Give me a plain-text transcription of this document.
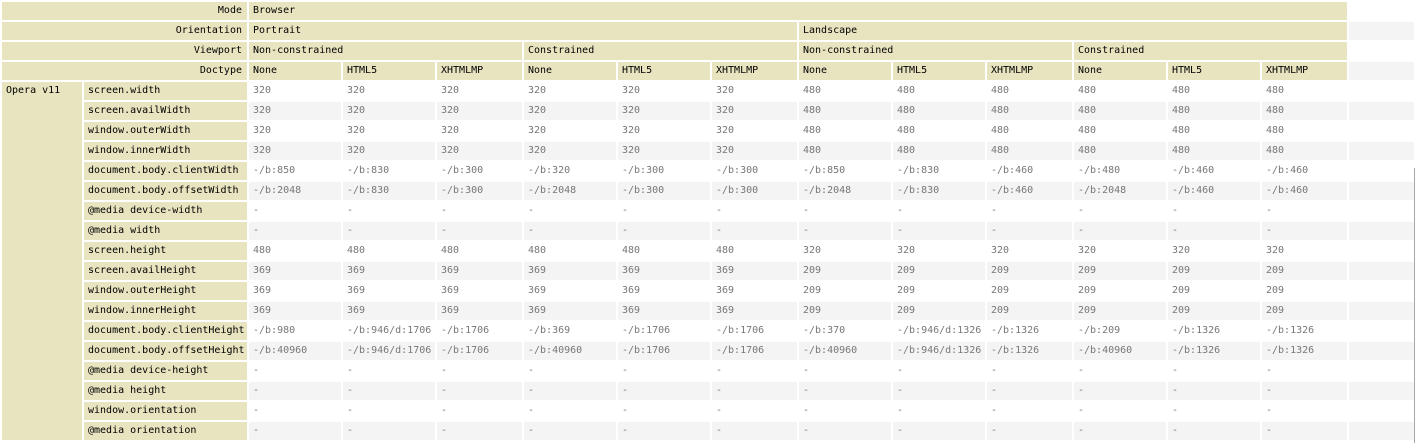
Mode		Browser												
Orientation		Portrait						Landscape						
Viewport		Non-constrained			Constrained			Non-constrained			Constrained			
Doctype		None	HTML5	XHTMLMP	None	HTML5	XHTMLMP	None	HTML5	XHTMLMP	None	HTML5	XHTMLMP	
Opera v11	screen.width	320	320	320	320	320	320	480	480	480	480	480	480	
	screen.availWidth	320	320	320	320	320	320	480	480	480	480	480	480	
	window.outerWidth	320	320	320	320	320	320	480	480	480	480	480	480	
	window.innerWidth	320	320	320	320	320	320	480	480	480	480	480	480	
	document.body.clientWidth	-/b:850	-/b:830	-/b:300	-/b:320	-/b:300	-/b:300	-/b:850	-/b:830	-/b:460	-/b:480	-/b:460	-/b:460	
	document.body.offsetWidth	-/b:2048	-/b:830	-/b:300	-/b:2048	-/b:300	-/b:300	-/b:2048	-/b:830	-/b:460	-/b:2048	-/b:460	-/b:460	
	@media device-width	-	-	-	-	-	-	-	-	-	-	-	-	
	@media width	-	-	-	-	-	-	-	-	-	-	-	-	
	screen.height	480	480	480	480	480	480	320	320	320	320	320	320	
	screen.availHeight	369	369	369	369	369	369	209	209	209	209	209	209	
	window.outerHeight	369	369	369	369	369	369	209	209	209	209	209	209	
	window.innerHeight	369	369	369	369	369	369	209	209	209	209	209	209	
	document.body.clientHeight	-/b:980	-/b:946/d:1706	-/b:1706	-/b:369	-/b:1706	-/b:1706	-/b:370	-/b:946/d:1326	-/b:1326	-/b:209	-/b:1326	-/b:1326	
	document.body.offsetHeight	-/b:40960	-/b:946/d:1706	-/b:1706	-/b:40960	-/b:1706	-/b:1706	-/b:40960	-/b:946/d:1326	-/b:1326	-/b:40960	-/b:1326	-/b:1326	
	@media device-height	-	-	-	-	-	-	-	-	-	-	-	-	
	@media height	-	-	-	-	-	-	-	-	-	-	-	-	
	window.orientation	-	-	-	-	-	-	-	-	-	-	-	-	
	@media orientation	-	-	-	-	-	-	-	-	-	-	-	-	
